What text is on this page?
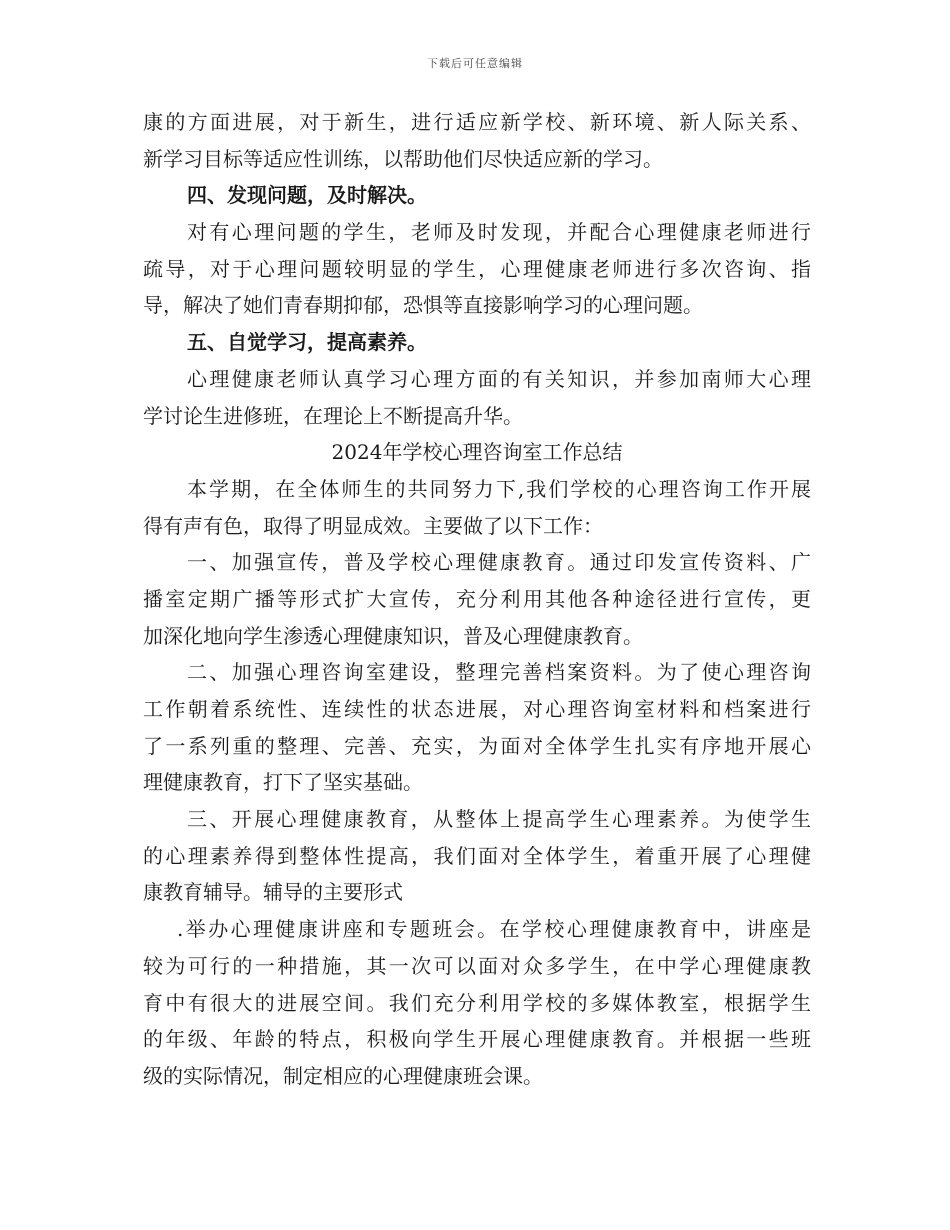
下载后可任意编辑
康的方面进展，对于新生，进行适应新学校、新环境、新人际关系、
新学习目标等适应性训练，以帮助他们尽快适应新的学习。
四、发现问题，及时解决。
对有心理问题的学生，老师及时发现，并配合心理健康老师进行
疏导，对于心理问题较明显的学生，心理健康老师进行多次咨询、指
导，解决了她们青春期抑郁，恐惧等直接影响学习的心理问题。
五、自觉学习，提高素养。
心理健康老师认真学习心理方面的有关知识，并参加南师大心理
学讨论生进修班，在理论上不断提高升华。
2024年学校心理咨询室工作总结
本学期，在全体师生的共同努力下,我们学校的心理咨询工作开展
得有声有色，取得了明显成效。主要做了以下工作：
一、加强宣传，普及学校心理健康教育。通过印发宣传资料、广
播室定期广播等形式扩大宣传，充分利用其他各种途径进行宣传，更
加深化地向学生渗透心理健康知识，普及心理健康教育。
二、加强心理咨询室建设，整理完善档案资料。为了使心理咨询
工作朝着系统性、连续性的状态进展，对心理咨询室材料和档案进行
了一系列重的整理、完善、充实，为面对全体学生扎实有序地开展心
理健康教育，打下了坚实基础。
三、开展心理健康教育，从整体上提高学生心理素养。为使学生
的心理素养得到整体性提高，我们面对全体学生，着重开展了心理健
康教育辅导。辅导的主要形式
.举办心理健康讲座和专题班会。在学校心理健康教育中，讲座是
较为可行的一种措施，其一次可以面对众多学生，在中学心理健康教
育中有很大的进展空间。我们充分利用学校的多媒体教室，根据学生
的年级、年龄的特点，积极向学生开展心理健康教育。并根据一些班
级的实际情况，制定相应的心理健康班会课。
